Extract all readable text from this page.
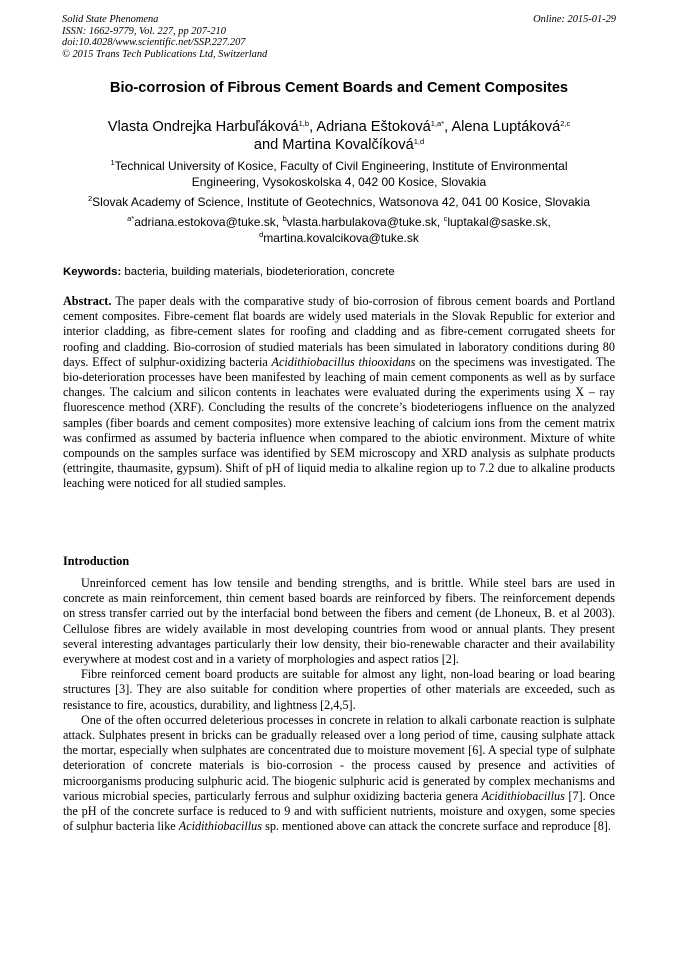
Solid State Phenomena
ISSN: 1662-9779, Vol. 227, pp 207-210
doi:10.4028/www.scientific.net/SSP.227.207
© 2015 Trans Tech Publications Ltd, Switzerland
Online: 2015-01-29
Bio-corrosion of Fibrous Cement Boards and Cement Composites
Vlasta Ondrejka Harbuľáková$^{1,b}$, Adriana Eštoková$^{1,a*}$, Alena Luptáková$^{2,c}$
and Martina Kovalčíková$^{1,d}$
$^1$Technical University of Kosice, Faculty of Civil Engineering, Institute of Environmental
Engineering, Vysokoskolska 4, 042 00 Kosice, Slovakia
$^2$Slovak Academy of Science, Institute of Geotechnics, Watsonova 42, 041 00 Kosice, Slovakia
$^{a*}$adriana.estokova@tuke.sk, $^b$vlasta.harbulakova@tuke.sk, $^c$luptakal@saske.sk,
$^d$martina.kovalcikova@tuke.sk
Keywords: bacteria, building materials, biodeterioration, concrete

Abstract. The paper deals with the comparative study of bio-corrosion of fibrous cement boards and Portland cement composites. Fibre-cement flat boards are widely used materials in the Slovak Republic for exterior and interior cladding, as fibre-cement slates for roofing and cladding and as fibre-cement corrugated sheets for roofing and cladding. Bio-corrosion of studied materials has been simulated in laboratory conditions during 80 days. Effect of sulphur-oxidizing bacteria Acidithiobacillus thiooxidans on the specimens was investigated. The bio-deterioration processes have been manifested by leaching of main cement components as well as by surface changes. The calcium and silicon contents in leachates were evaluated during the experiments using X – ray fluorescence method (XRF). Concluding the results of the concrete’s biodeteriogens influence on the analyzed samples (fiber boards and cement composites) more extensive leaching of calcium ions from the cement matrix was confirmed as assumed by bacteria influence when compared to the abiotic environment. Mixture of white compounds on the samples surface was identified by SEM microscopy and XRD analysis as sulphate products (ettringite, thaumasite, gypsum). Shift of pH of liquid media to alkaline region up to 7.2 due to alkaline products leaching were noticed for all studied samples.

Introduction

Unreinforced cement has low tensile and bending strengths, and is brittle. While steel bars are used in concrete as main reinforcement, thin cement based boards are reinforced by fibers. The reinforcement depends on stress transfer carried out by the interfacial bond between the fibers and cement (de Lhoneux, B. et al 2003). Cellulose fibres are widely available in most developing countries from wood or annual plants. They present several interesting advantages particularly their low density, their bio-renewable character and their availability everywhere at modest cost and in a variety of morphologies and aspect ratios [2].

Fibre reinforced cement board products are suitable for almost any light, non-load bearing or load bearing structures [3]. They are also suitable for condition where properties of other materials are exceeded, such as resistance to fire, acoustics, durability, and lightness [2,4,5].

One of the often occurred deleterious processes in concrete in relation to alkali carbonate reaction is sulphate attack. Sulphates present in bricks can be gradually released over a long period of time, causing sulphate attack the mortar, especially when sulphates are concentrated due to moisture movement [6]. A special type of sulphate deterioration of concrete materials is bio-corrosion - the process caused by presence and activities of microorganisms producing sulphuric acid. The biogenic sulphuric acid is generated by complex mechanisms and various microbial species, particularly ferrous and sulphur oxidizing bacteria genera Acidithiobacillus [7]. Once the pH of the concrete surface is reduced to 9 and with sufficient nutrients, moisture and oxygen, some species of sulphur bacteria like Acidithiobacillus sp. mentioned above can attack the concrete surface and reproduce [8].
